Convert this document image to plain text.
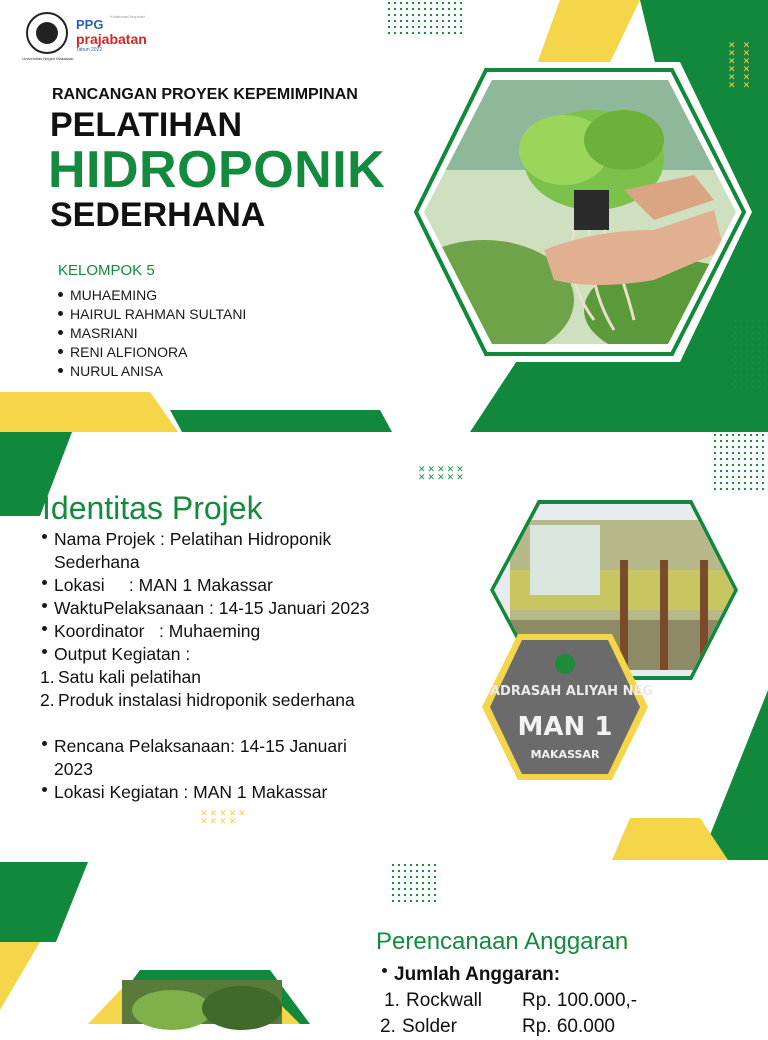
ADRASAH ALIYAH NEG
MAN 1
MAKASSAR
✕ ✕
✕ ✕
✕ ✕
✕ ✕
✕ ✕
✕ ✕
✕✕✕✕✕
✕✕✕✕✕
✕✕✕✕✕
✕✕✕✕
PPG
prajabatan
Tahun 2022
Kolaborasi Inspirasi
Universitas Negeri Makassar
RANCANGAN PROYEK KEPEMIMPINAN
PELATIHAN
HIDROPONIK
SEDERHANA
KELOMPOK 5
MUHAEMING
HAIRUL RAHMAN SULTANI
MASRIANI
RENI ALFIONORA
NURUL ANISA
Identitas Projek
Nama Projek : Pelatihan Hidroponik
Sederhana
Lokasi     : MAN 1 Makassar
WaktuPelaksanaan : 14-15 Januari 2023
Koordinator   : Muhaeming
Output Kegiatan :
1. Satu kali pelatihan
2. Produk instalasi hidroponik sederhana
Rencana Pelaksanaan: 14-15 Januari
2023
Lokasi Kegiatan : MAN 1 Makassar
Perencanaan Anggaran
Jumlah Anggaran:
1. Rockwall Rp. 100.000,-
2. Solder	Rp. 60.000
